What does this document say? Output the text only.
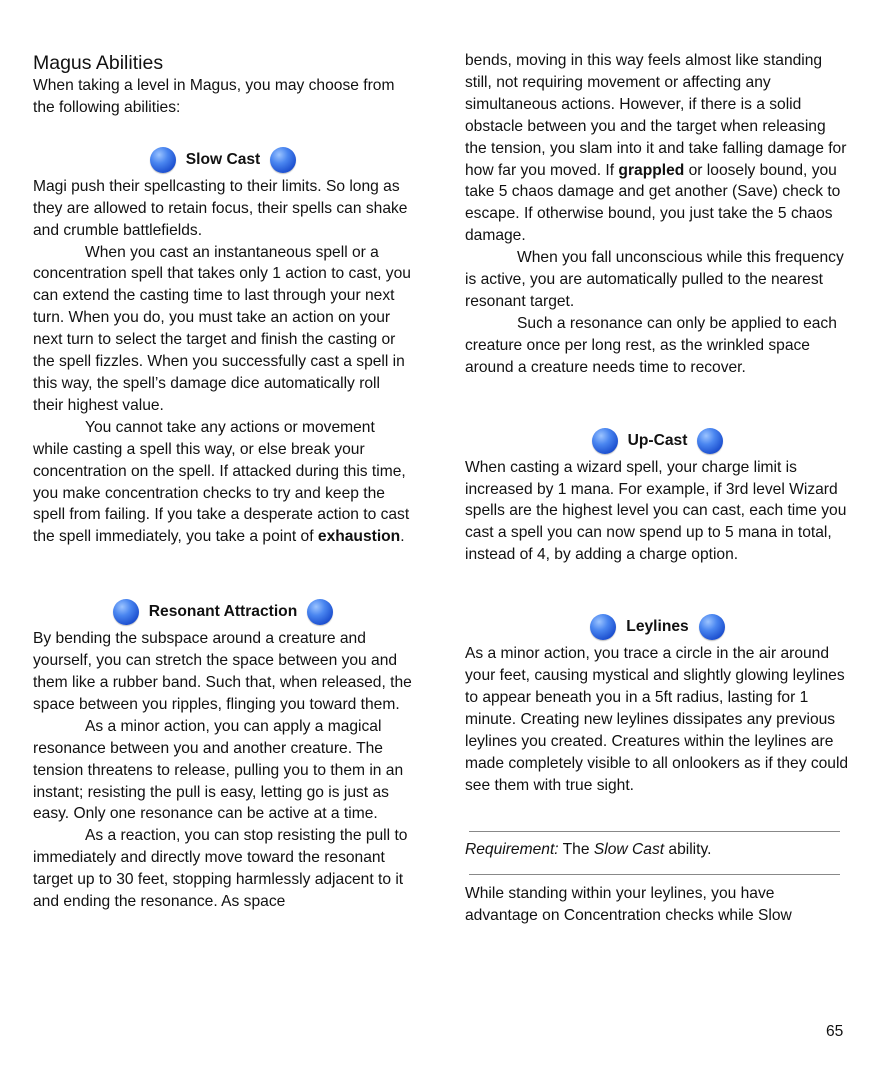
Magus Abilities

When taking a level in Magus, you may choose from the following abilities:

Slow Cast

Magi push their spellcasting to their limits. So long as they are allowed to retain focus, their spells can shake and crumble battlefields.

When you cast an instantaneous spell or a concentration spell that takes only 1 action to cast, you can extend the casting time to last through your next turn. When you do, you must take an action on your next turn to select the target and finish the casting or the spell fizzles. When you successfully cast a spell in this way, the spell’s damage dice automatically roll their highest value.

You cannot take any actions or movement while casting a spell this way, or else break your concentration on the spell. If attacked during this time, you make concentration checks to try and keep the spell from failing. If you take a desperate action to cast the spell immediately, you take a point of exhaustion.

Resonant Attraction

By bending the subspace around a creature and yourself, you can stretch the space between you and them like a rubber band. Such that, when released, the space between you ripples, flinging you toward them.

As a minor action, you can apply a magical resonance between you and another creature. The tension threatens to release, pulling you to them in an instant; resisting the pull is easy, letting go is just as easy. Only one resonance can be active at a time.

As a reaction, you can stop resisting the pull to immediately and directly move toward the resonant target up to 30 feet, stopping harmlessly adjacent to it and ending the resonance. As space

bends, moving in this way feels almost like standing still, not requiring movement or affecting any simultaneous actions. However, if there is a solid obstacle between you and the target when releasing the tension, you slam into it and take falling damage for how far you moved. If grappled or loosely bound, you take 5 chaos damage and get another (Save) check to escape. If otherwise bound, you just take the 5 chaos damage.

When you fall unconscious while this frequency is active, you are automatically pulled to the nearest resonant target.

Such a resonance can only be applied to each creature once per long rest, as the wrinkled space around a creature needs time to recover.

Up-Cast

When casting a wizard spell, your charge limit is increased by 1 mana. For example, if 3rd level Wizard spells are the highest level you can cast, each time you cast a spell you can now spend up to 5 mana in total, instead of 4, by adding a charge option.

Leylines

As a minor action, you trace a circle in the air around your feet, causing mystical and slightly glowing leylines to appear beneath you in a 5ft radius, lasting for 1 minute. Creating new leylines dissipates any previous leylines you created. Creatures within the leylines are made completely visible to all onlookers as if they could see them with true sight.

Requirement: The Slow Cast ability.

While standing within your leylines, you have advantage on Concentration checks while Slow

65
